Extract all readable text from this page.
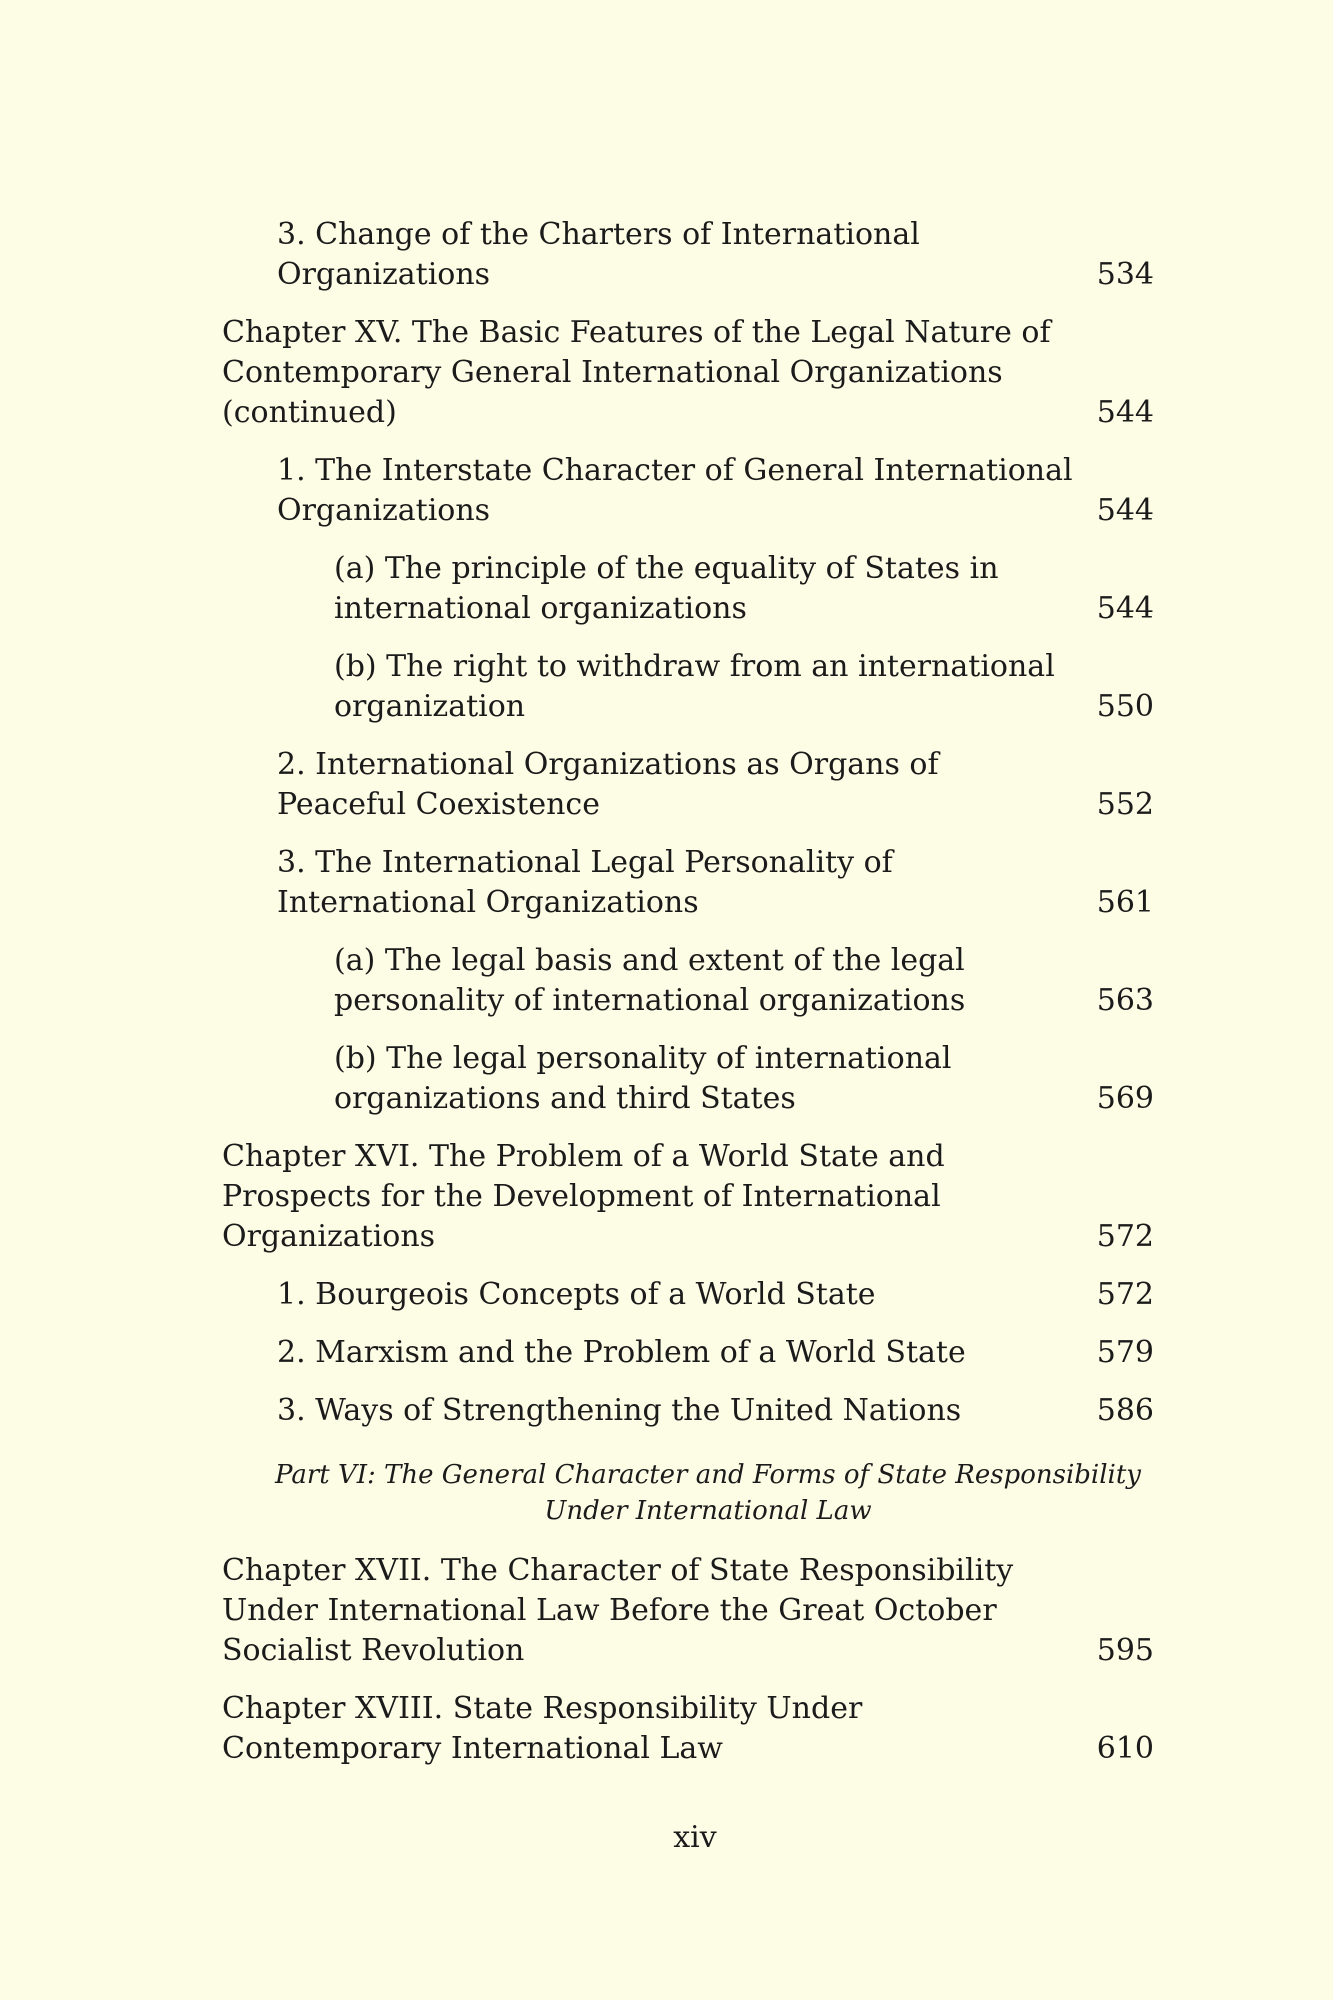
3. Change of the Charters of International Organizations	534
Chapter XV. The Basic Features of the Legal Nature of Contemporary General International Organizations (continued)	544
1. The Interstate Character of General International Organizations	544
(a) The principle of the equality of States in international organizations	544
(b) The right to withdraw from an international organization	550
2. International Organizations as Organs of Peaceful Coexistence	552
3. The International Legal Personality of International Organizations	561
(a) The legal basis and extent of the legal personality of international organizations	563
(b) The legal personality of international organizations and third States	569
Chapter XVI. The Problem of a World State and Prospects for the Development of International Organizations	572
1. Bourgeois Concepts of a World State	572
2. Marxism and the Problem of a World State	579
3. Ways of Strengthening the United Nations	586
Part VI: The General Character and Forms of State Responsibility Under International Law
Chapter XVII. The Character of State Responsibility Under International Law Before the Great October Socialist Revolution	595
Chapter XVIII. State Responsibility Under Contemporary International Law	610
xiv
